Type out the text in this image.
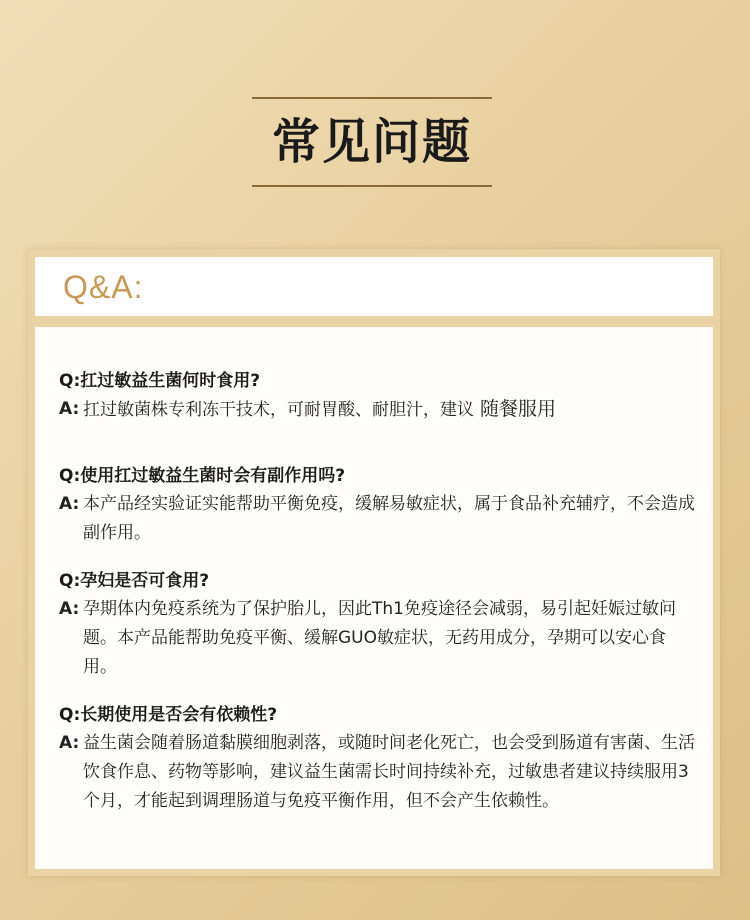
常见问题
Q&A:
Q:扛过敏益生菌何时食用?
A: 扛过敏菌株专利冻干技术，可耐胃酸、耐胆汁，建议 随餐服用
Q:使用扛过敏益生菌时会有副作用吗?
A: 本产品经实验证实能帮助平衡免疫，缓解易敏症状，属于食品补充辅疗，不会造成副作用。
Q:孕妇是否可食用?
A: 孕期体内免疫系统为了保护胎儿，因此Th1免疫途径会减弱，易引起妊娠过敏问题。本产品能帮助免疫平衡、缓解GUO敏症状，无药用成分，孕期可以安心食用。
Q:长期使用是否会有依赖性?
A: 益生菌会随着肠道黏膜细胞剥落，或随时间老化死亡，也会受到肠道有害菌、生活饮食作息、药物等影响，建议益生菌需长时间持续补充，过敏患者建议持续服用3个月，才能起到调理肠道与免疫平衡作用，但不会产生依赖性。
